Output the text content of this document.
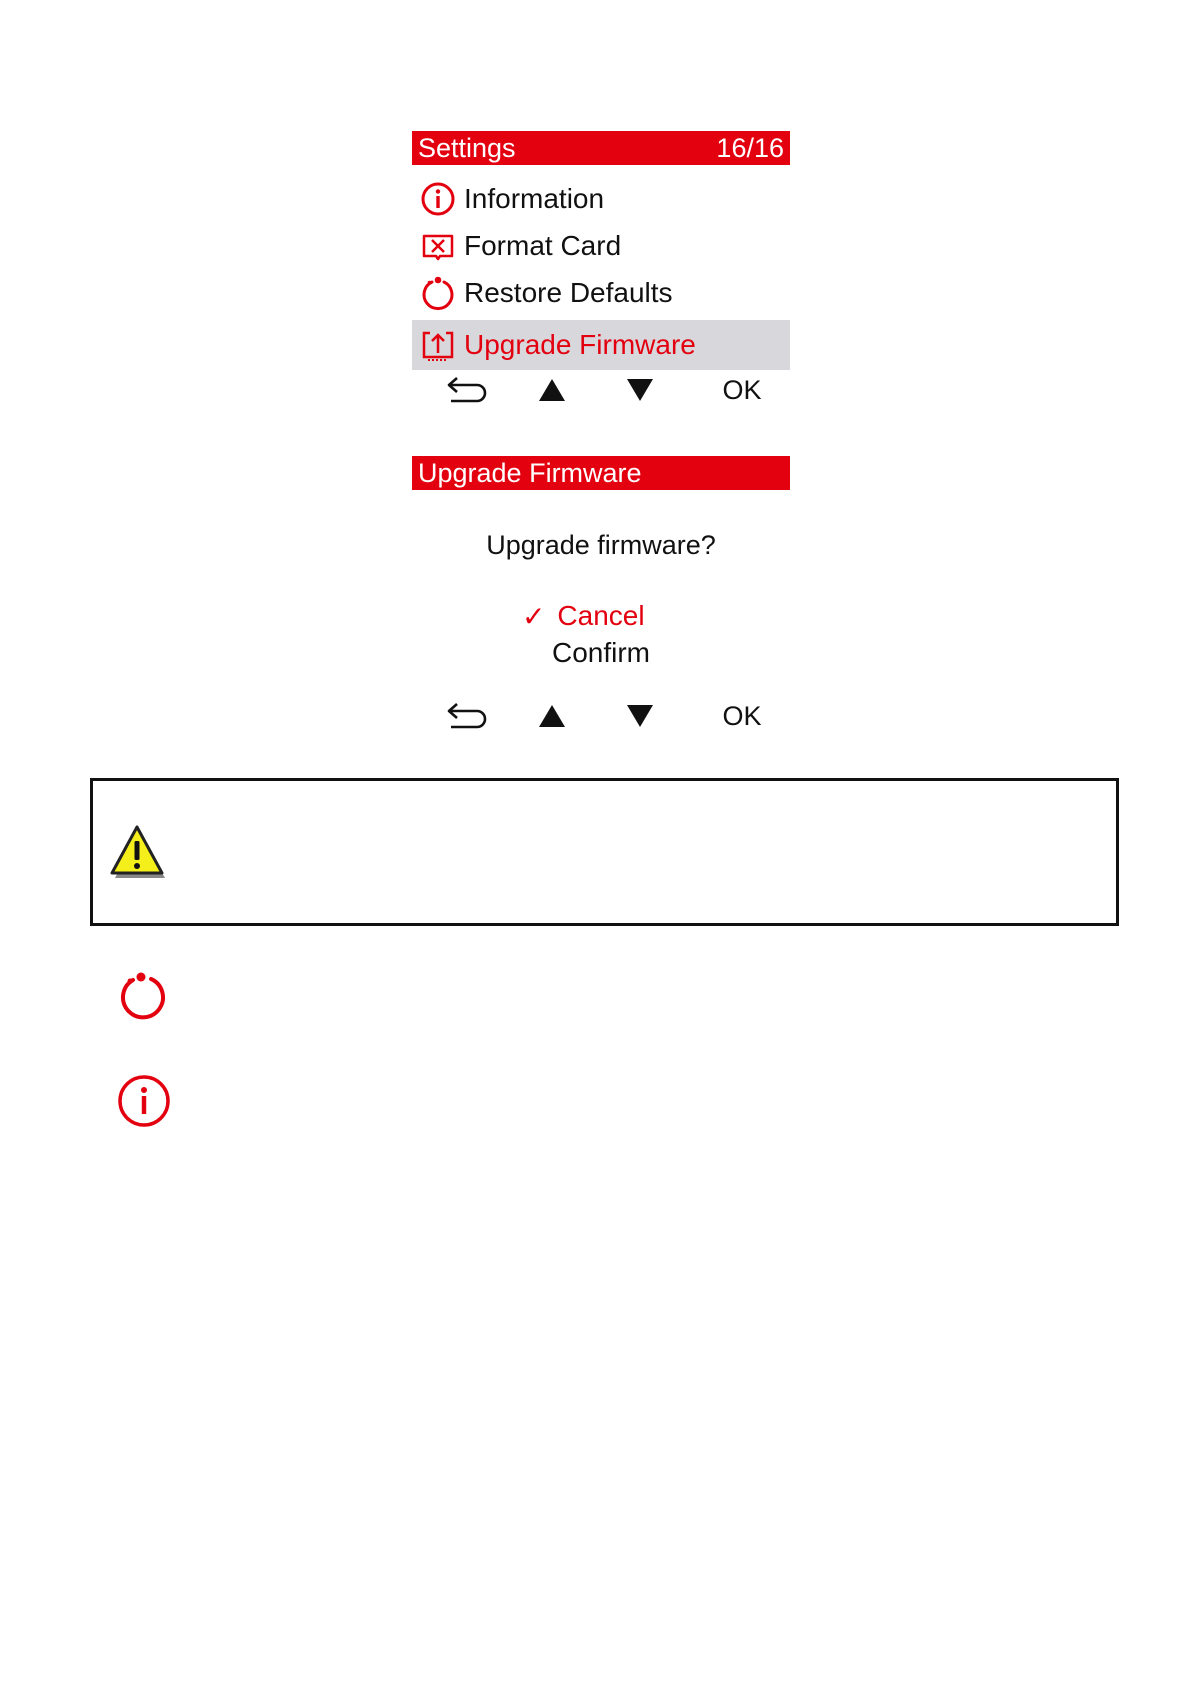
Settings	16/16
Information
Format Card
Restore Defaults
Upgrade Firmware
OK
Upgrade Firmware
Upgrade firmware?
✓ Cancel
Confirm
OK
